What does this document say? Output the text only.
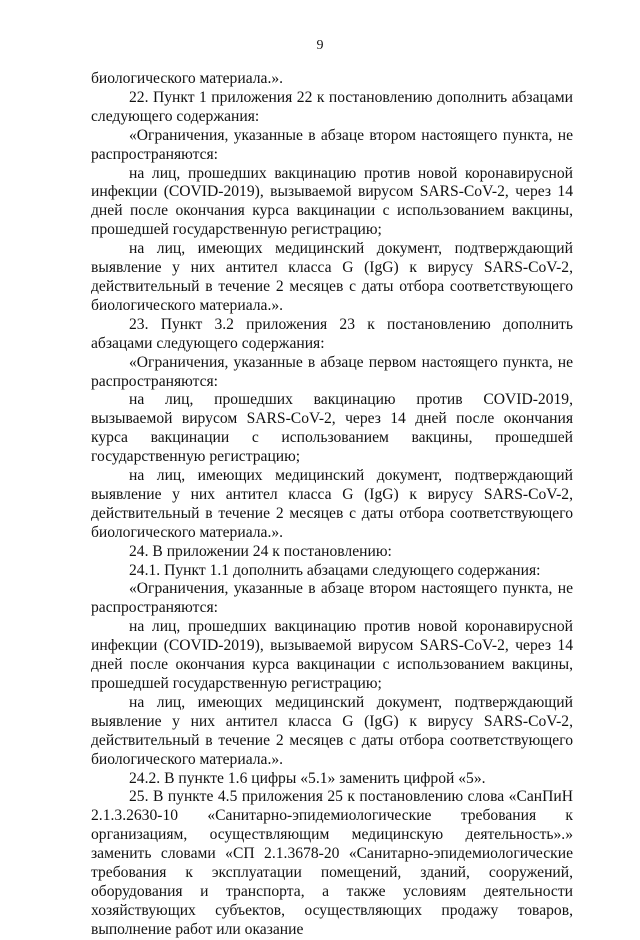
9

биологического материала.».

22. Пункт 1 приложения 22 к постановлению дополнить абзацами следующего содержания:

«Ограничения, указанные в абзаце втором настоящего пункта, не распространяются:

на лиц, прошедших вакцинацию против новой коронавирусной инфекции (COVID-2019), вызываемой вирусом SARS-CoV-2, через 14 дней после окончания курса вакцинации с использованием вакцины, прошедшей государственную регистрацию;

на лиц, имеющих медицинский документ, подтверждающий выявление у них антител класса G (IgG) к вирусу SARS-CoV-2, действительный в течение 2 месяцев с даты отбора соответствующего биологического материала.».

23. Пункт 3.2 приложения 23 к постановлению дополнить абзацами следующего содержания:

«Ограничения, указанные в абзаце первом настоящего пункта, не распространяются:

на лиц, прошедших вакцинацию против COVID-2019, вызываемой вирусом SARS-CoV-2, через 14 дней после окончания курса вакцинации с использованием вакцины, прошедшей государственную регистрацию;

на лиц, имеющих медицинский документ, подтверждающий выявление у них антител класса G (IgG) к вирусу SARS-CoV-2, действительный в течение 2 месяцев с даты отбора соответствующего биологического материала.».

24. В приложении 24 к постановлению:

24.1. Пункт 1.1 дополнить абзацами следующего содержания:

«Ограничения, указанные в абзаце втором настоящего пункта, не распространяются:

на лиц, прошедших вакцинацию против новой коронавирусной инфекции (COVID-2019), вызываемой вирусом SARS-CoV-2, через 14 дней после окончания курса вакцинации с использованием вакцины, прошедшей государственную регистрацию;

на лиц, имеющих медицинский документ, подтверждающий выявление у них антител класса G (IgG) к вирусу SARS-CoV-2, действительный в течение 2 месяцев с даты отбора соответствующего биологического материала.».

24.2. В пункте 1.6 цифры «5.1» заменить цифрой «5».

25. В пункте 4.5 приложения 25 к постановлению слова «СанПиН 2.1.3.2630-10 «Санитарно-эпидемиологические требования к организациям, осуществляющим медицинскую деятельность».» заменить словами «СП 2.1.3678-20 «Санитарно-эпидемиологические требования к эксплуатации помещений, зданий, сооружений, оборудования и транспорта, а также условиям деятельности хозяйствующих субъектов, осуществляющих продажу товаров, выполнение работ или оказание
